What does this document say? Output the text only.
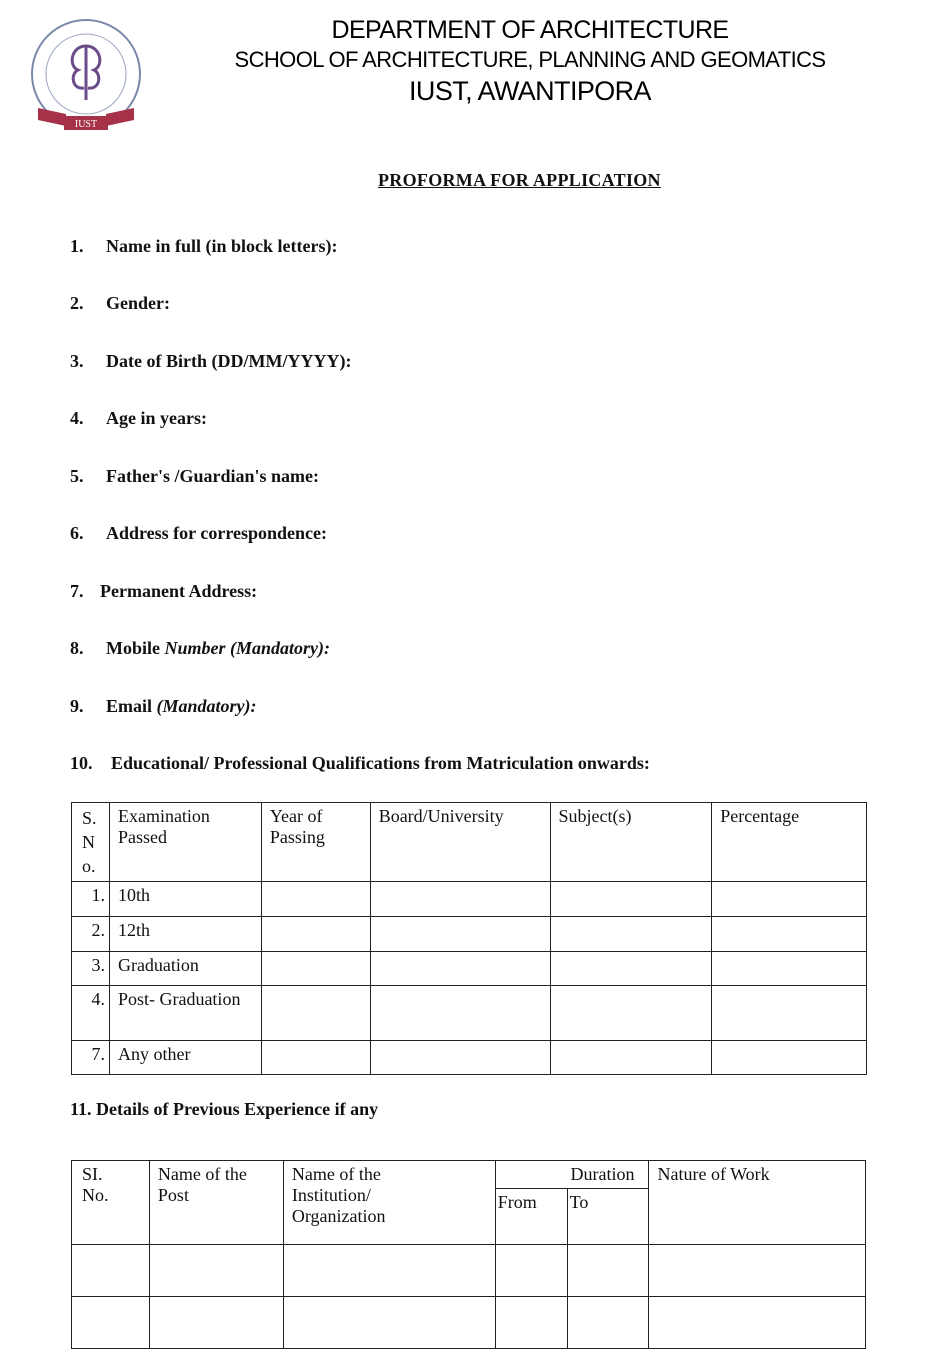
IUST
DEPARTMENT OF ARCHITECTURE
SCHOOL OF ARCHITECTURE, PLANNING AND GEOMATICS
IUST, AWANTIPORA
PROFORMA FOR APPLICATION
1. Name in full (in block letters):
2. Gender:
3. Date of Birth (DD/MM/YYYY):
4. Age in years:
5. Father's /Guardian's name:
6. Address for correspondence:
7. Permanent Address:
8. Mobile Number (Mandatory):
9. Email (Mandatory):
10. Educational/ Professional Qualifications from Matriculation onwards:
S.
N
o.	Examination Passed	Year of Passing	Board/University	Subject(s)	Percentage
1.	10th				
2.	12th				
3.	Graduation				
4.	Post- Graduation				
7.	Any other				
11. Details of Previous Experience if any
SI. No.	Name of the Post	Name of the Institution/ Organization	Duration		Nature of Work
			From	To	
